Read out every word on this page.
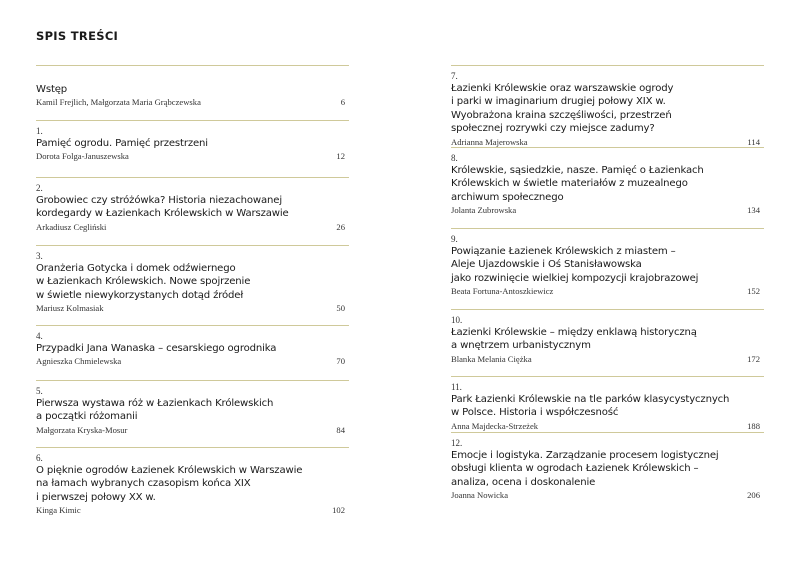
SPIS TREŚCI
Wstęp
Kamil Frejlich, Małgorzata Maria Grąbczewska	6
1.
Pamięć ogrodu. Pamięć przestrzeni
Dorota Folga-Januszewska	12
2.
Grobowiec czy stróżówka? Historia niezachowanej
kordegardy w Łazienkach Królewskich w Warszawie
Arkadiusz Cegliński	26
3.
Oranżeria Gotycka i domek odźwiernego
w Łazienkach Królewskich. Nowe spojrzenie
w świetle niewykorzystanych dotąd źródeł
Mariusz Kolmasiak	50
4.
Przypadki Jana Wanaska – cesarskiego ogrodnika
Agnieszka Chmielewska	70
5.
Pierwsza wystawa róż w Łazienkach Królewskich
a początki różomanii
Małgorzata Kryska-Mosur	84
6.
O pięknie ogrodów Łazienek Królewskich w Warszawie
na łamach wybranych czasopism końca XIX
i pierwszej połowy XX w.
Kinga Kimic	102
7.
Łazienki Królewskie oraz warszawskie ogrody
i parki w imaginarium drugiej połowy XIX w.
Wyobrażona kraina szczęśliwości, przestrzeń
społecznej rozrywki czy miejsce zadumy?
Adrianna Majerowska	114
8.
Królewskie, sąsiedzkie, nasze. Pamięć o Łazienkach
Królewskich w świetle materiałów z muzealnego
archiwum społecznego
Jolanta Zubrowska	134
9.
Powiązanie Łazienek Królewskich z miastem –
Aleje Ujazdowskie i Oś Stanisławowska
jako rozwinięcie wielkiej kompozycji krajobrazowej
Beata Fortuna-Antoszkiewicz	152
10.
Łazienki Królewskie – między enklawą historyczną
a wnętrzem urbanistycznym
Blanka Melania Ciężka	172
11.
Park Łazienki Królewskie na tle parków klasycystycznych
w Polsce. Historia i współczesność
Anna Majdecka-Strzeżek	188
12.
Emocje i logistyka. Zarządzanie procesem logistycznej
obsługi klienta w ogrodach Łazienek Królewskich –
analiza, ocena i doskonalenie
Joanna Nowicka	206
